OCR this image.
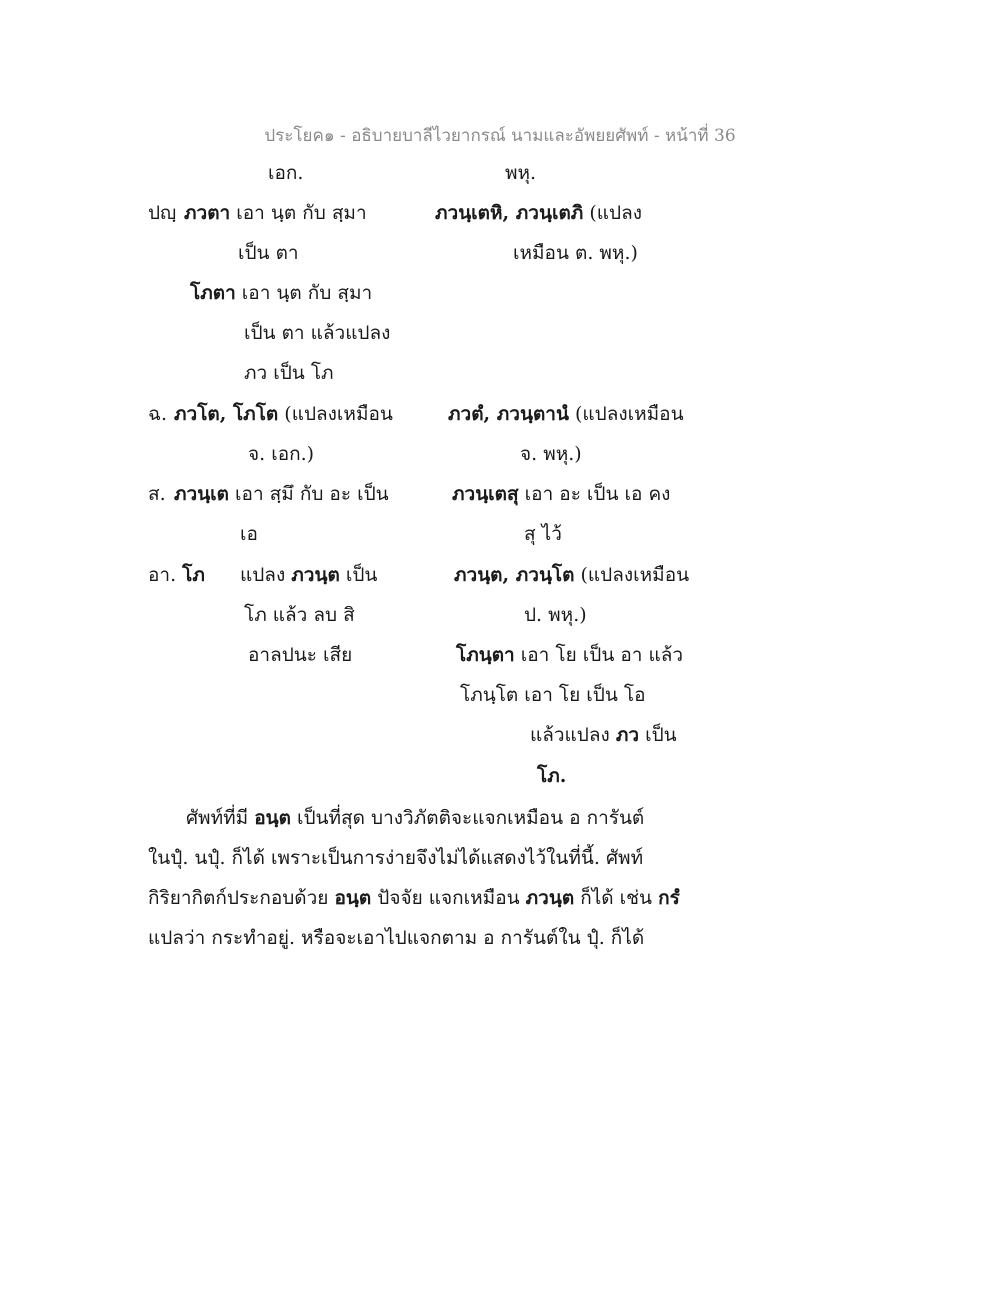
ประโยค๑ - อธิบายบาลีไวยากรณ์ นามและอัพยยศัพท์ - หน้าที่ 36
เอก.	พหุ.
ปญฺ ภวตา เอา นฺต กับ สฺมา
เป็น ตา
โภตา เอา นฺต กับ สฺมา
เป็น ตา แล้วแปลง
ภว เป็น โภ
ภวนฺเตหิ, ภวนฺเตภิ (แปลง
เหมือน ต. พหุ.)
ฉ. ภวโต, โภโต (แปลงเหมือน
จ. เอก.)
ภวตํ, ภวนฺตานํ (แปลงเหมือน
จ. พหุ.)
ส. ภวนฺเต เอา สฺมึ กับ อะ เป็น
เอ
ภวนฺเตสุ เอา อะ เป็น เอ คง
สุ ไว้
อา. โภ แปลง ภวนฺต เป็น
โภ แล้ว ลบ สิ
อาลปนะ เสีย
ภวนฺต, ภวนฺโต (แปลงเหมือน
ป. พหุ.)
โภนฺตา เอา โย เป็น อา แล้ว
โภนฺโต เอา โย เป็น โอ
แล้วแปลง ภว เป็น
โภ.

ศัพท์ที่มี อนฺต เป็นที่สุด บางวิภัตติจะแจกเหมือน อ การันต์

ในปุํ. นปุํ. ก็ได้ เพราะเป็นการง่ายจึงไม่ได้แสดงไว้ในที่นี้. ศัพท์

กิริยากิตก์ประกอบด้วย อนฺต ปัจจัย แจกเหมือน ภวนฺต ก็ได้ เช่น กรํ

แปลว่า กระทำอยู่. หรือจะเอาไปแจกตาม อ การันต์ใน ปุํ. ก็ได้
